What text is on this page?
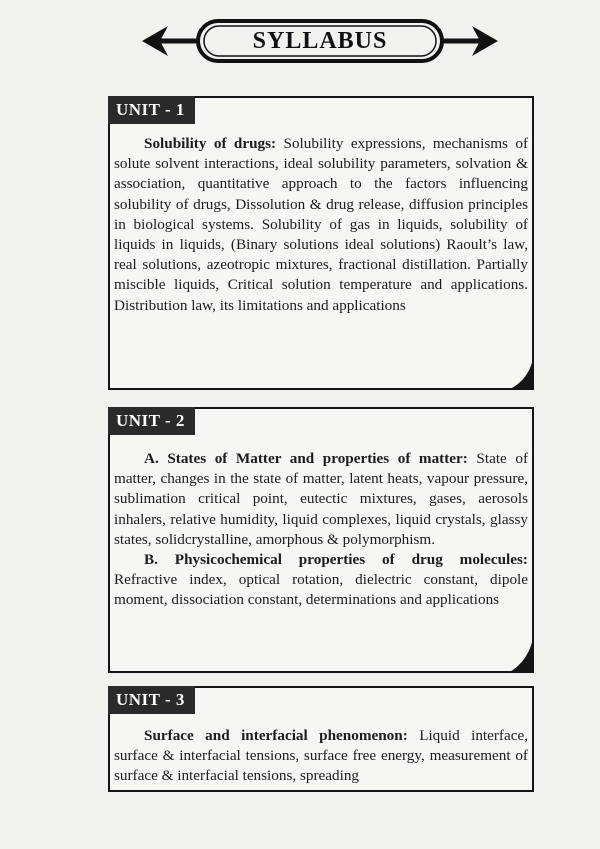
SYLLABUS
UNIT - 1

Solubility of drugs: Solubility expressions, mechanisms of solute solvent interactions, ideal solubility parameters, solvation & association, quantitative approach to the factors influencing solubility of drugs, Dissolution & drug release, diffusion principles in biological systems. Solubility of gas in liquids, solubility of liquids in liquids, (Binary solutions ideal solutions) Raoult’s law, real solutions, azeotropic mixtures, fractional distillation. Partially miscible liquids, Critical solution temperature and applications. Distribution law, its limitations and applications

UNIT - 2

A. States of Matter and properties of matter: State of matter, changes in the state of matter, latent heats, vapour pressure, sublimation critical point, eutectic mixtures, gases, aerosols inhalers, relative humidity, liquid complexes, liquid crystals, glassy states, solidcrystalline, amorphous & polymorphism.

B. Physicochemical properties of drug molecules: Refractive index, optical rotation, dielectric constant, dipole moment, dissociation constant, determinations and applications

UNIT - 3

Surface and interfacial phenomenon: Liquid interface, surface & interfacial tensions, surface free energy, measurement of surface & interfacial tensions, spreading
